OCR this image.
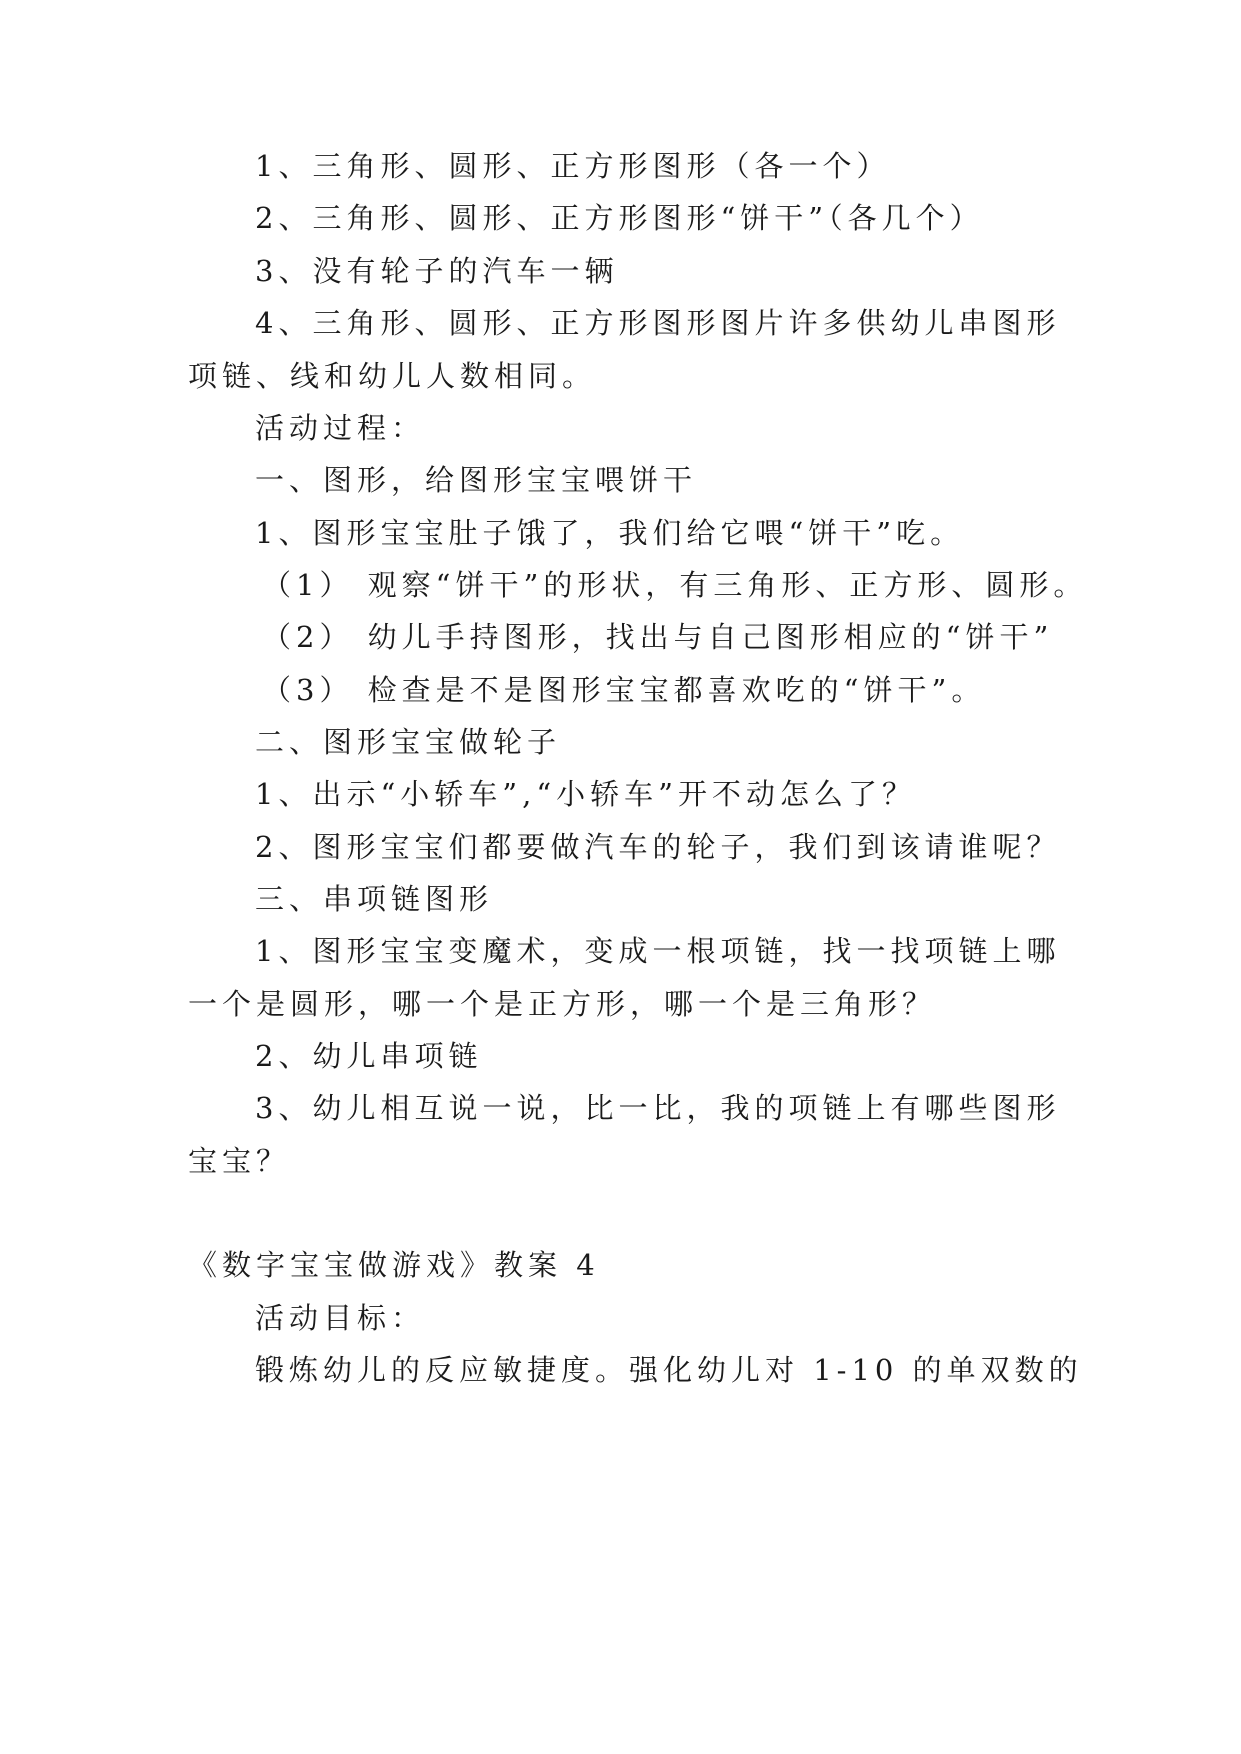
1、三角形、圆形、正方形图形（各一个）
2、三角形、圆形、正方形图形“饼干”（各几个）
3、没有轮子的汽车一辆
4、三角形、圆形、正方形图形图片许多供幼儿串图形
项链、线和幼儿人数相同。
活动过程：
一、图形，给图形宝宝喂饼干
1、图形宝宝肚子饿了，我们给它喂“饼干”吃。
（1） 观察“饼干”的形状，有三角形、正方形、圆形。
（2） 幼儿手持图形，找出与自己图形相应的“饼干”
（3） 检查是不是图形宝宝都喜欢吃的“饼干”。
二、图形宝宝做轮子
1、出示“小轿车”,“小轿车”开不动怎么了？
2、图形宝宝们都要做汽车的轮子，我们到该请谁呢？
三、串项链图形
1、图形宝宝变魔术，变成一根项链，找一找项链上哪
一个是圆形，哪一个是正方形，哪一个是三角形？
2、幼儿串项链
3、幼儿相互说一说，比一比，我的项链上有哪些图形
宝宝？
《数字宝宝做游戏》教案 4
活动目标：
锻炼幼儿的反应敏捷度。强化幼儿对 1-10 的单双数的
